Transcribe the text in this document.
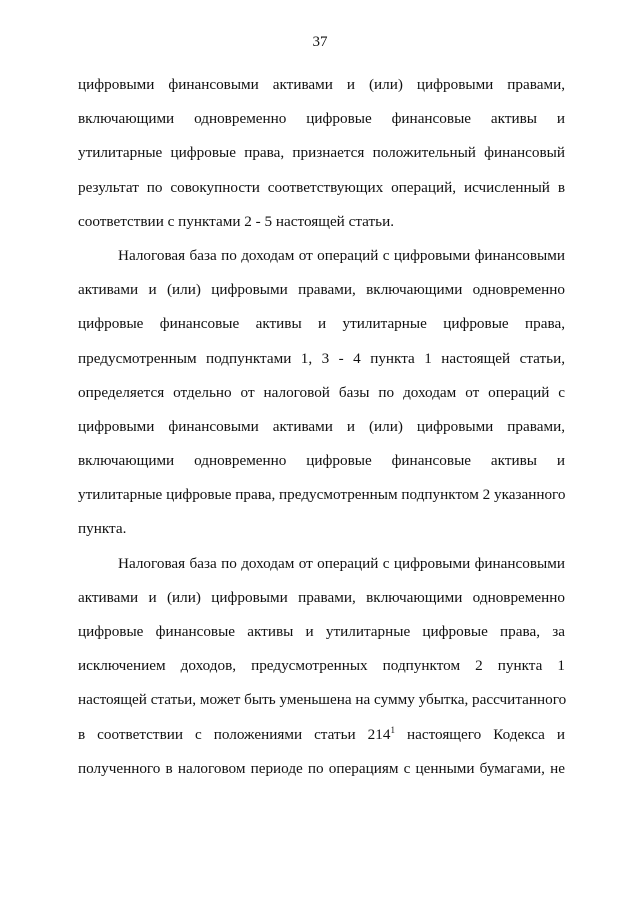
37
цифровыми финансовыми активами и (или) цифровыми правами,
включающими одновременно цифровые финансовые активы и
утилитарные цифровые права, признается положительный финансовый
результат по совокупности соответствующих операций, исчисленный в
соответствии с пунктами 2 - 5 настоящей статьи.
Налоговая база по доходам от операций с цифровыми финансовыми
активами и (или) цифровыми правами, включающими одновременно
цифровые финансовые активы и утилитарные цифровые права,
предусмотренным подпунктами 1, 3 - 4 пункта 1 настоящей статьи,
определяется отдельно от налоговой базы по доходам от операций с
цифровыми финансовыми активами и (или) цифровыми правами,
включающими одновременно цифровые финансовые активы и
утилитарные цифровые права, предусмотренным подпунктом 2 указанного
пункта.
Налоговая база по доходам от операций с цифровыми финансовыми
активами и (или) цифровыми правами, включающими одновременно
цифровые финансовые активы и утилитарные цифровые права, за
исключением доходов, предусмотренных подпунктом 2 пункта 1
настоящей статьи, может быть уменьшена на сумму убытка, рассчитанного
в соответствии с положениями статьи $214^1$ настоящего Кодекса и
полученного в налоговом периоде по операциям с ценными бумагами, не
